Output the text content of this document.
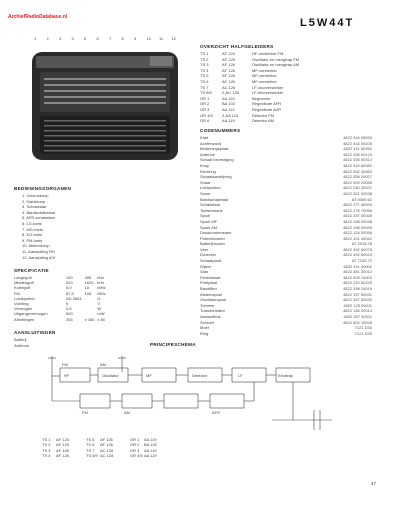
ArchiefRadioDatabase.nl	L5W44T
1	2	3	4	5	6	7	8	9	10 11 12
OVERZICHT HALFGELEIDERS
TS 1	AF 124	HF-versterker FM
TS 2	AF 125	Oscillator en mengtrap FM
TS 3	AF 126	Oscillator en mengtrap AM
TS 4	AF 126	MF-versterker
TS 5	AF 126	MF-versterker
TS 6	AF 126	MF-versterker
TS 7	AC 126	LF-voorversterker
TS 8/9	2-AC 128	LF-eindversterker
GR 1	AA 119	Begrenzer
GR 2	BA 102	Regeldiode AFR
GR 3	AA 119	Regeldiode AVR
GR 4/5	2-AA 119	Detector FM
GR 6	AA 119	Detector AM
CODENUMMERS
Kast	4822 416 05093
Achterwand	4822 416 05105
Bedieningsplaat	4822 411 60252
Antenne	4822 255 00123
Schaal bevestiging	4822 535 00314
Knop	4822 410 60082
Klemring	4822 532 40063
Schaalaandrijving	4822 358 20027
Snaar	4822 525 20085
Luidspreker	4822 240 30021
Snoer	4822 321 00038
Bandschakelaar	AT 6065 62
Schakelaar	4822 277 40093
Toetsenbank	4822 276 70055
Spoel	4822 157 00028
Spoel MF	4822 158 00038
Spoel AM	4822 158 00045
Draaicondensator	4822 124 20056
Potentiometer	4822 101 40042
Batterijhouder	AT 2018 25
Veer	4822 492 60078
Drukveer	4822 492 60023
Schaalplaat	AT 7153 72
Wijzer	4822 411 40001
Glas	4822 381 30012
Ferrietstaaf	4822 526 10002
Printplaat	4822 210 60225
Bandfilter	4822 158 10019
Afstemspoel	4822 157 50031
Oscillatorspoel	4822 157 50032
Trimmer	4822 125 50011
Transformator	4822 146 20014
Aansluitbus	4822 267 30011
Schroef	4822 502 10028
Moer	7121 D30
Ring	7121 D39
BEDIENINGSORGANEN
1. Volumeknop
2. Klankknop
3. Schakelaar
4. Bandschakelaar
5. AFR-schakelaar
6. LG-toets
7. MG-toets
8. KG-toets
9. FM-toets
10. Afstemknop
11. Aansluiting FM
12. Aansluiting A/V
SPECIFICATIE
Langegolf	150	285	kHz
Middengolf	520	1620	kHz
Kortegolf	5,9	18	MHz
FM	87,5	108	MHz
Luidspreker	AD 3591		Ω
Voeding	9		V
Vermogen	0,6		W
Uitgangsvermogen	500		mW
Afmetingen	264	x 160	x 80
AANSLUITINGEN
Batterij
Antenne	PRINCIPESCHEMA
HF	Oscillator	MF	Detector	LF	Eindtrap
FM	AM
FM	AM	AFR
TS 1	AF 124	TS 5	AF 126	GR 1	AA 119
TS 2	AF 125	TS 6	AF 126	GR 2	BA 102
TS 3	AF 126	TS 7	AC 126	GR 3	AA 119
TS 4	AF 126	TS 8/9 AC 128	GR 4/5 AA 119
47
